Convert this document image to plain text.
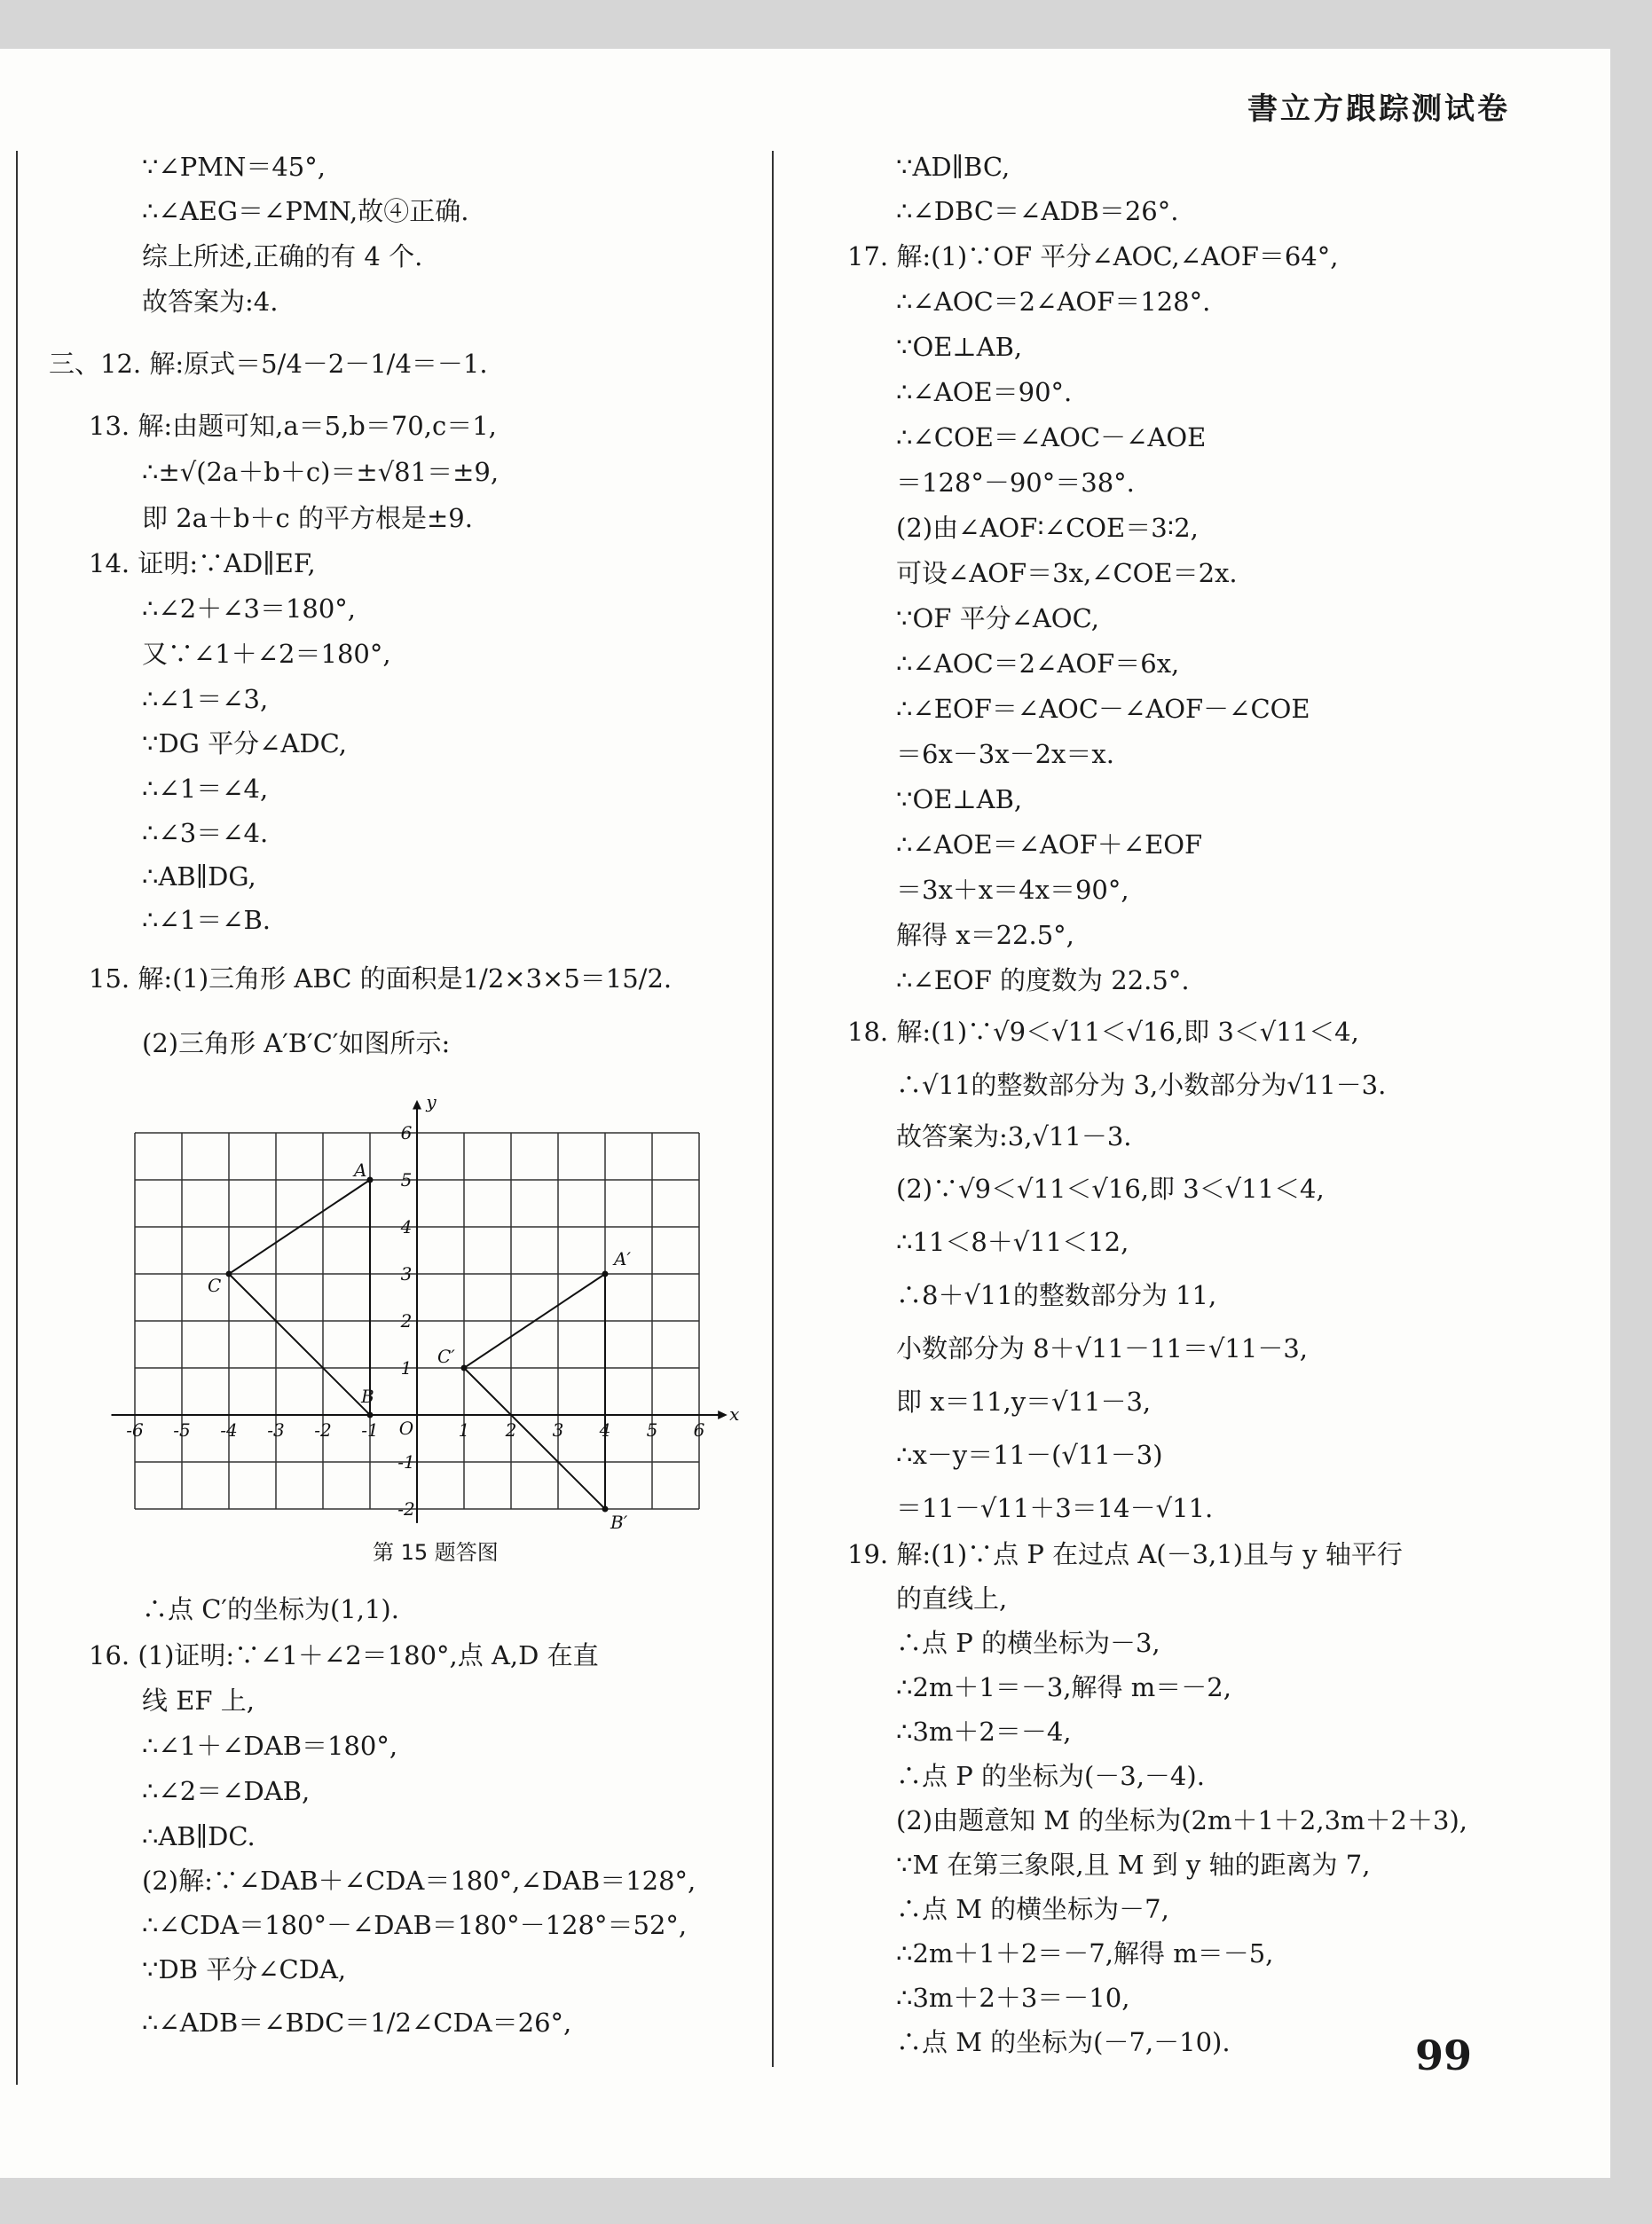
書立方跟踪测试卷

∵∠PMN＝45°,

∴∠AEG＝∠PMN,故④正确.

综上所述,正确的有 4 个.

故答案为:4.

三、12. 解:原式＝5/4－2－1/4＝－1.

13. 解:由题可知,a＝5,b＝70,c＝1,

∴±√(2a＋b＋c)＝±√81＝±9,

即 2a＋b＋c 的平方根是±9.

14. 证明:∵AD∥EF,

∴∠2＋∠3＝180°,

又∵∠1＋∠2＝180°,

∴∠1＝∠3,

∵DG 平分∠ADC,

∴∠1＝∠4,

∴∠3＝∠4.

∴AB∥DG,

∴∠1＝∠B.

15. 解:(1)三角形 ABC 的面积是1/2×3×5＝15/2.

(2)三角形 A′B′C′如图所示:

x
y
O
-6 -5 -4 -3 -2 -1	1 2 3 4 5 6
6
5
4
3
2
1
-1
-2
A
B
C
A′
B′
C′
第 15 题答图

∴点 C′的坐标为(1,1).

16. (1)证明:∵∠1＋∠2＝180°,点 A,D 在直

线 EF 上,

∴∠1＋∠DAB＝180°,

∴∠2＝∠DAB,

∴AB∥DC.

(2)解:∵∠DAB＋∠CDA＝180°,∠DAB＝128°,

∴∠CDA＝180°－∠DAB＝180°－128°＝52°,

∵DB 平分∠CDA,

∴∠ADB＝∠BDC＝1/2∠CDA＝26°,

∵AD∥BC,

∴∠DBC＝∠ADB＝26°.

17. 解:(1)∵OF 平分∠AOC,∠AOF＝64°,

∴∠AOC＝2∠AOF＝128°.

∵OE⊥AB,

∴∠AOE＝90°.

∴∠COE＝∠AOC－∠AOE

＝128°－90°＝38°.

(2)由∠AOF∶∠COE＝3∶2,

可设∠AOF＝3x,∠COE＝2x.

∵OF 平分∠AOC,

∴∠AOC＝2∠AOF＝6x,

∴∠EOF＝∠AOC－∠AOF－∠COE

＝6x－3x－2x＝x.

∵OE⊥AB,

∴∠AOE＝∠AOF＋∠EOF

＝3x＋x＝4x＝90°,

解得 x＝22.5°,

∴∠EOF 的度数为 22.5°.

18. 解:(1)∵√9＜√11＜√16,即 3＜√11＜4,

∴√11的整数部分为 3,小数部分为√11－3.

故答案为:3,√11－3.

(2)∵√9＜√11＜√16,即 3＜√11＜4,

∴11＜8＋√11＜12,

∴8＋√11的整数部分为 11,

小数部分为 8＋√11－11＝√11－3,

即 x＝11,y＝√11－3,

∴x－y＝11－(√11－3)

＝11－√11＋3＝14－√11.

19. 解:(1)∵点 P 在过点 A(－3,1)且与 y 轴平行

的直线上,

∴点 P 的横坐标为－3,

∴2m＋1＝－3,解得 m＝－2,

∴3m＋2＝－4,

∴点 P 的坐标为(－3,－4).

(2)由题意知 M 的坐标为(2m＋1＋2,3m＋2＋3),

∵M 在第三象限,且 M 到 y 轴的距离为 7,

∴点 M 的横坐标为－7,

∴2m＋1＋2＝－7,解得 m＝－5,

∴3m＋2＋3＝－10,

∴点 M 的坐标为(－7,－10).	99
